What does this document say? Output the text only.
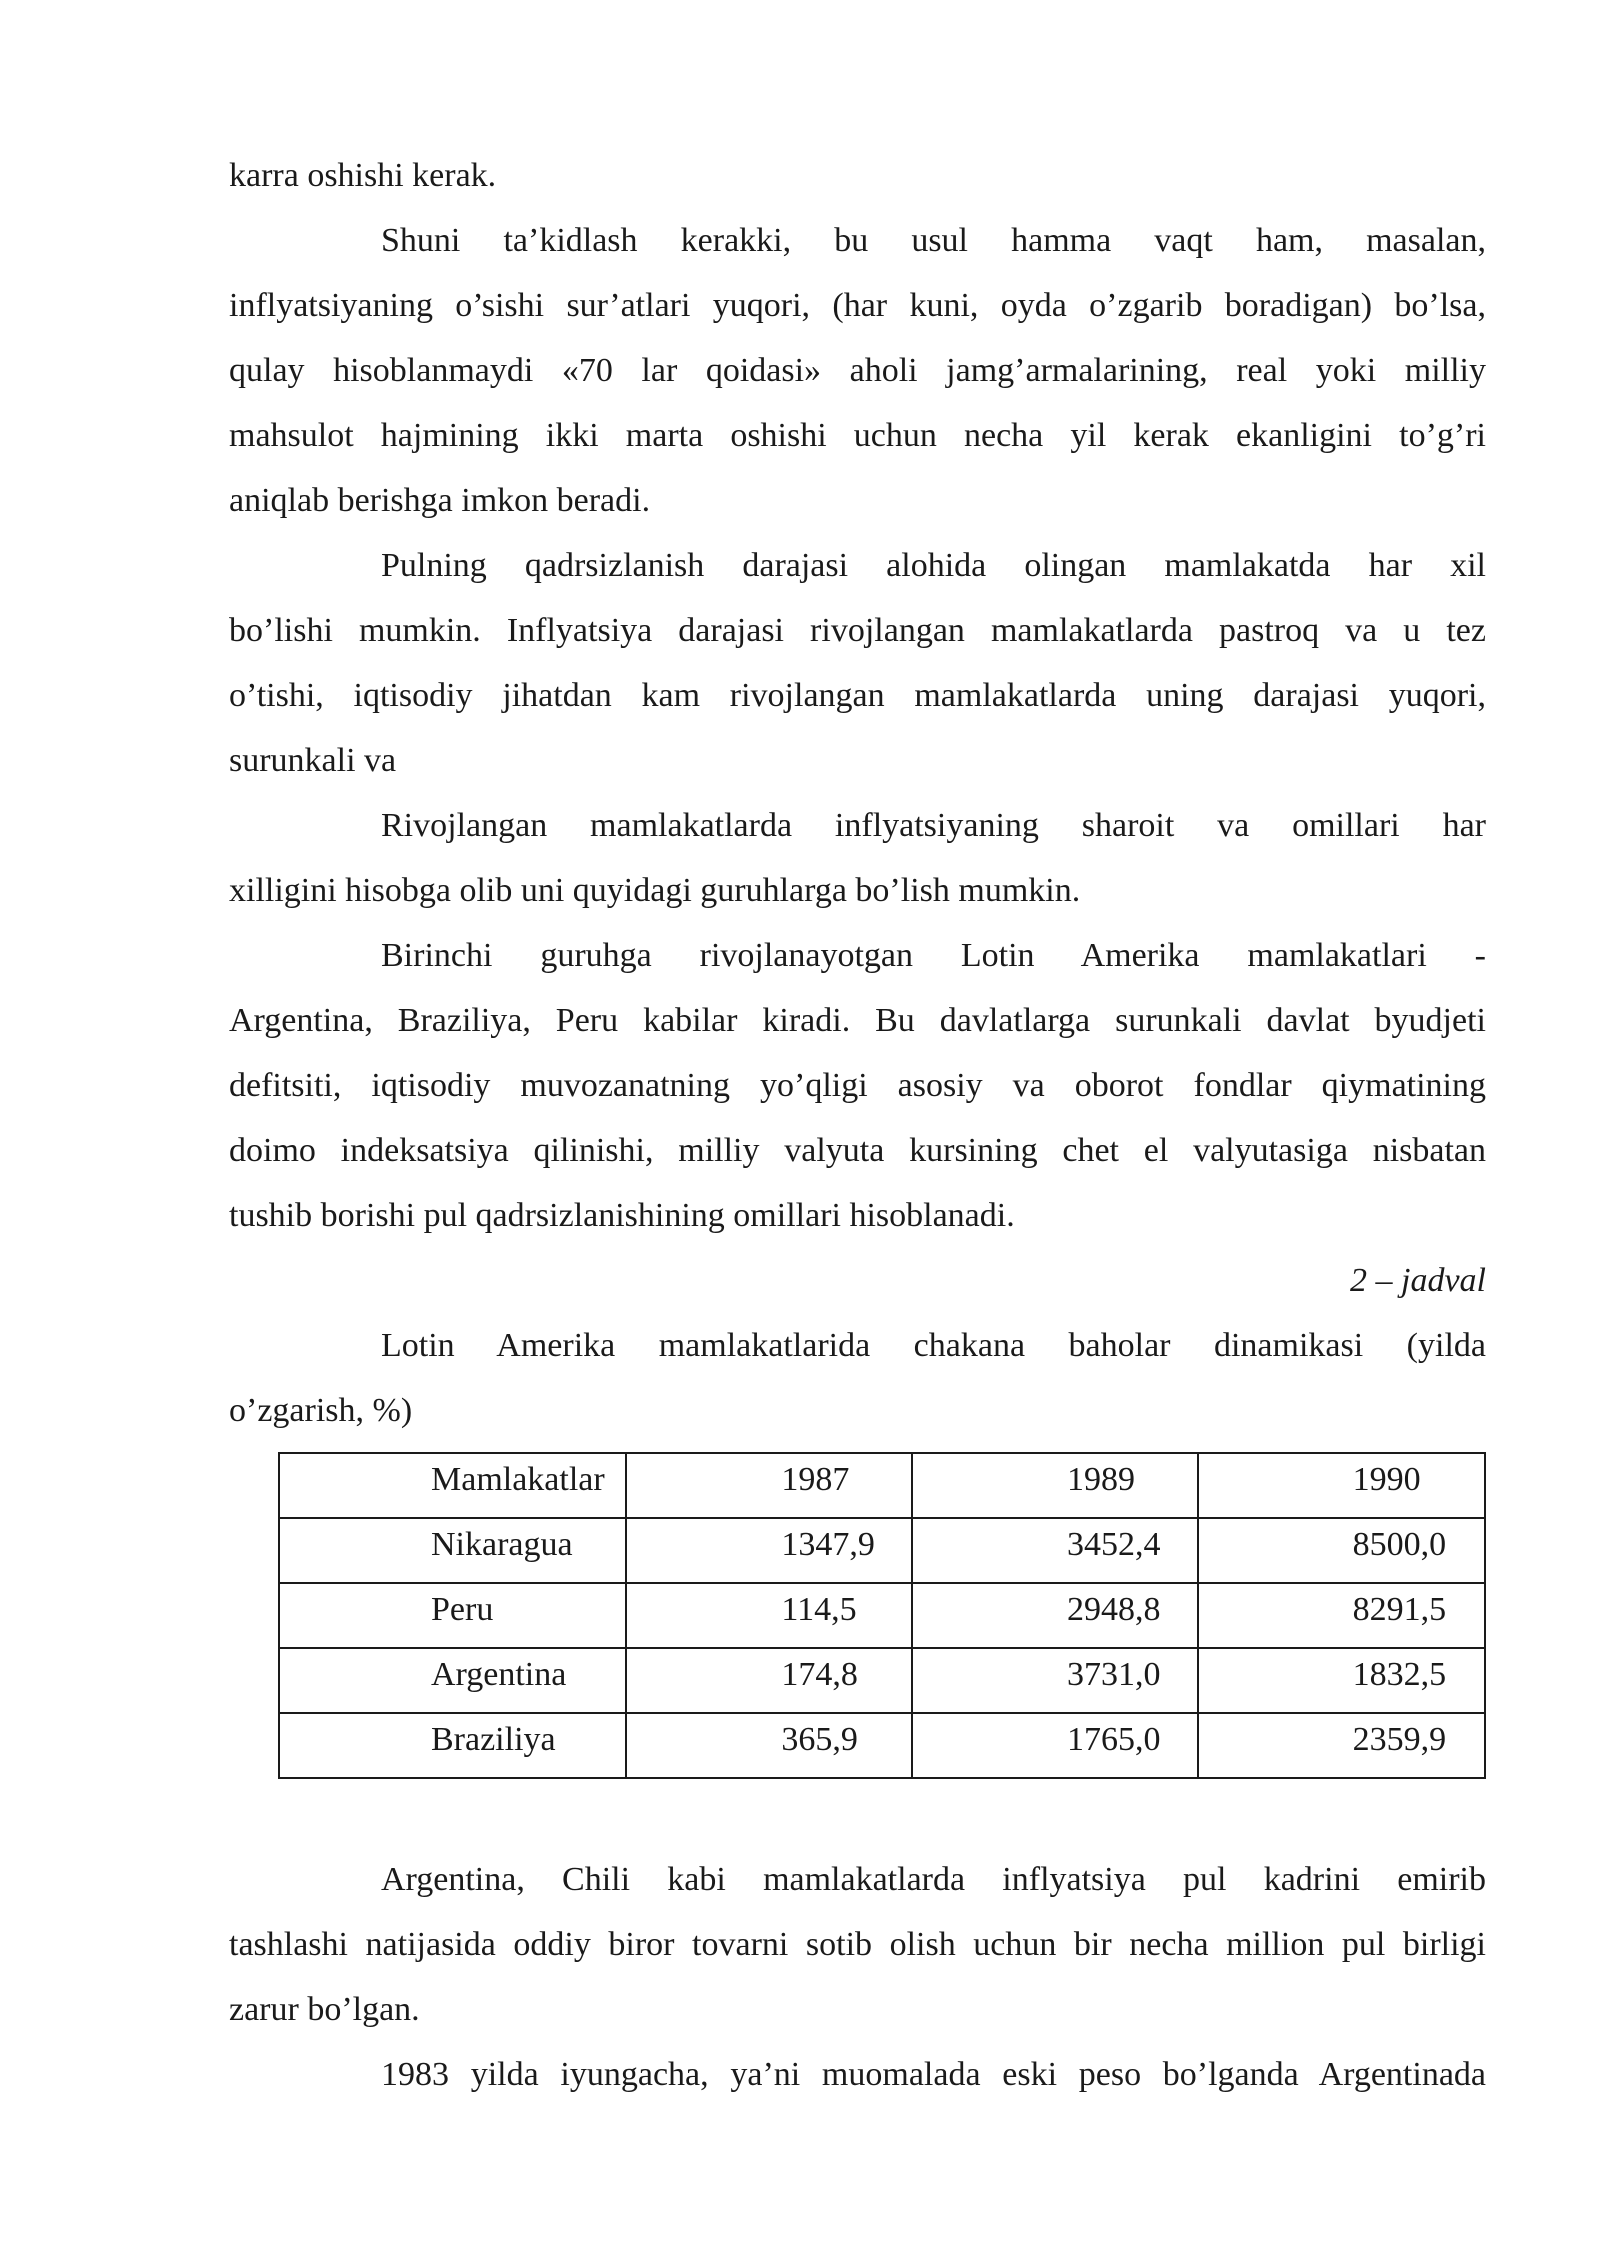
karra oshishi kerak.
Shuni ta’kidlash kerakki, bu usul hamma vaqt ham, masalan,
inflyatsiyaning o’sishi sur’atlari yuqori, (har kuni, oyda o’zgarib boradigan) bo’lsa,
qulay hisoblanmaydi «70 lar qoidasi» aholi jamg’armalarining, real yoki milliy
mahsulot hajmining ikki marta oshishi uchun necha yil kerak ekanligini to’g’ri
aniqlab berishga imkon beradi.
Pulning qadrsizlanish darajasi alohida olingan mamlakatda har xil
bo’lishi mumkin. Inflyatsiya darajasi rivojlangan mamlakatlarda pastroq va u tez
o’tishi, iqtisodiy jihatdan kam rivojlangan mamlakatlarda uning darajasi yuqori,
surunkali va
Rivojlangan mamlakatlarda inflyatsiyaning sharoit va omillari har
xilligini hisobga olib uni quyidagi guruhlarga bo’lish mumkin.
Birinchi guruhga rivojlanayotgan Lotin Amerika mamlakatlari -
Argentina, Braziliya, Peru kabilar kiradi. Bu davlatlarga surunkali davlat byudjeti
defitsiti, iqtisodiy muvozanatning yo’qligi asosiy va oborot fondlar qiymatining
doimo indeksatsiya qilinishi, milliy valyuta kursining chet el valyutasiga nisbatan
tushib borishi pul qadrsizlanishining omillari hisoblanadi.
2 – jadval
Lotin Amerika mamlakatlarida chakana baholar dinamikasi (yilda
o’zgarish, %)
Mamlakatlar	1987	1989	1990

Nikaragua	1347,9	3452,4	8500,0

Peru	114,5	2948,8	8291,5

Argentina	174,8	3731,0	1832,5

Braziliya	365,9	1765,0	2359,9
Argentina, Chili kabi mamlakatlarda inflyatsiya pul kadrini emirib
tashlashi natijasida oddiy biror tovarni sotib olish uchun bir necha million pul birligi
zarur bo’lgan.
1983 yilda iyungacha, ya’ni muomalada eski peso bo’lganda Argentinada
